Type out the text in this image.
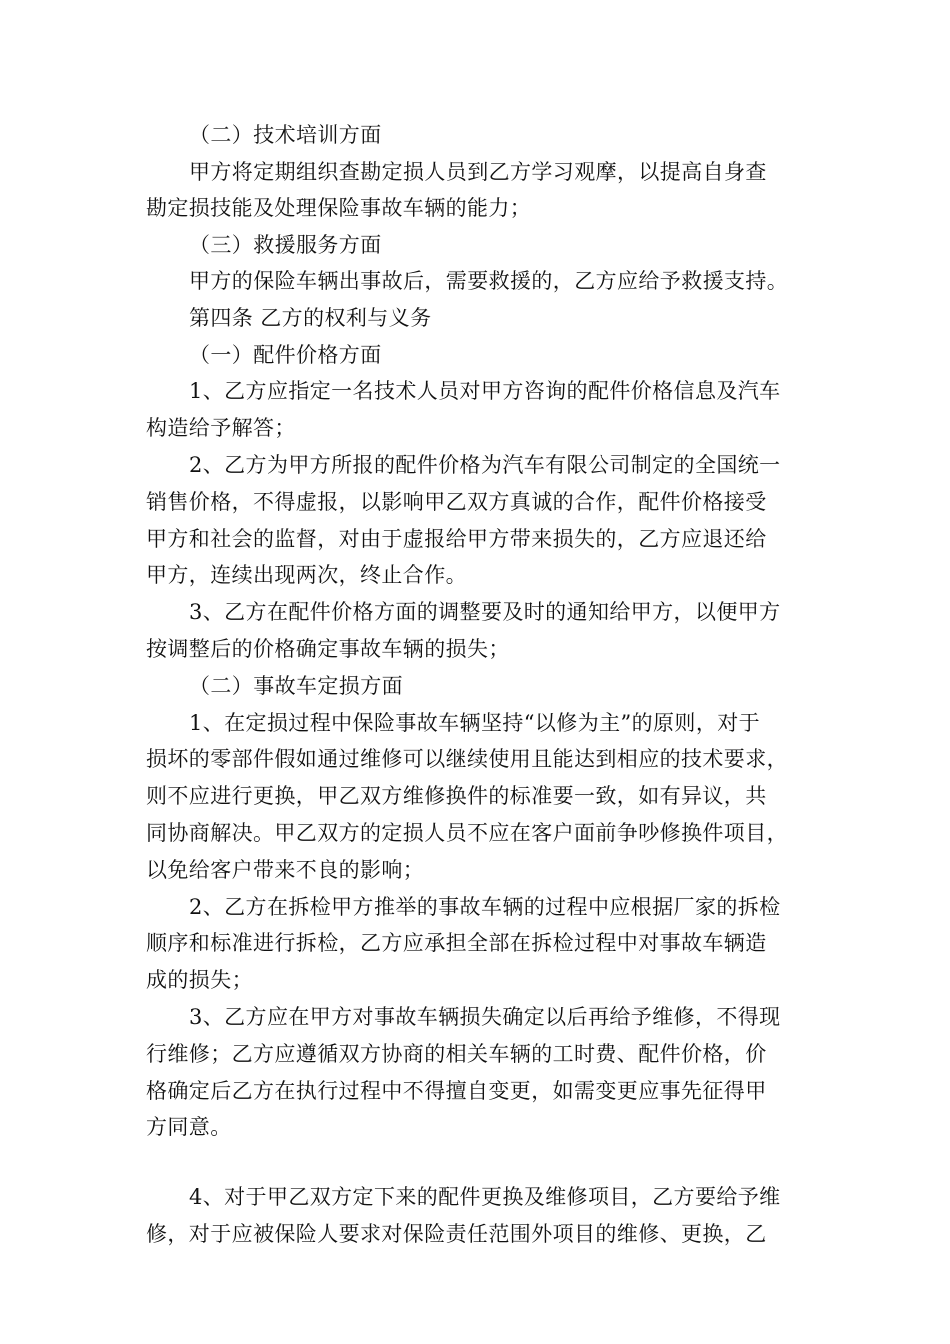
（二）技术培训方面
甲方将定期组织查勘定损人员到乙方学习观摩，以提高自身查
勘定损技能及处理保险事故车辆的能力；
（三）救援服务方面
甲方的保险车辆出事故后，需要救援的，乙方应给予救援支持。
第四条 乙方的权利与义务
（一）配件价格方面
1、乙方应指定一名技术人员对甲方咨询的配件价格信息及汽车
构造给予解答；
2、乙方为甲方所报的配件价格为汽车有限公司制定的全国统一
销售价格，不得虚报，以影响甲乙双方真诚的合作，配件价格接受
甲方和社会的监督，对由于虚报给甲方带来损失的，乙方应退还给
甲方，连续出现两次，终止合作。
3、乙方在配件价格方面的调整要及时的通知给甲方，以便甲方
按调整后的价格确定事故车辆的损失；
（二）事故车定损方面
1、在定损过程中保险事故车辆坚持“以修为主”的原则，对于
损坏的零部件假如通过维修可以继续使用且能达到相应的技术要求，
则不应进行更换，甲乙双方维修换件的标准要一致，如有异议，共
同协商解决。甲乙双方的定损人员不应在客户面前争吵修换件项目，
以免给客户带来不良的影响；
2、乙方在拆检甲方推举的事故车辆的过程中应根据厂家的拆检
顺序和标准进行拆检，乙方应承担全部在拆检过程中对事故车辆造
成的损失；
3、乙方应在甲方对事故车辆损失确定以后再给予维修，不得现
行维修；乙方应遵循双方协商的相关车辆的工时费、配件价格，价
格确定后乙方在执行过程中不得擅自变更，如需变更应事先征得甲
方同意。
4、对于甲乙双方定下来的配件更换及维修项目，乙方要给予维
修，对于应被保险人要求对保险责任范围外项目的维修、更换，乙
